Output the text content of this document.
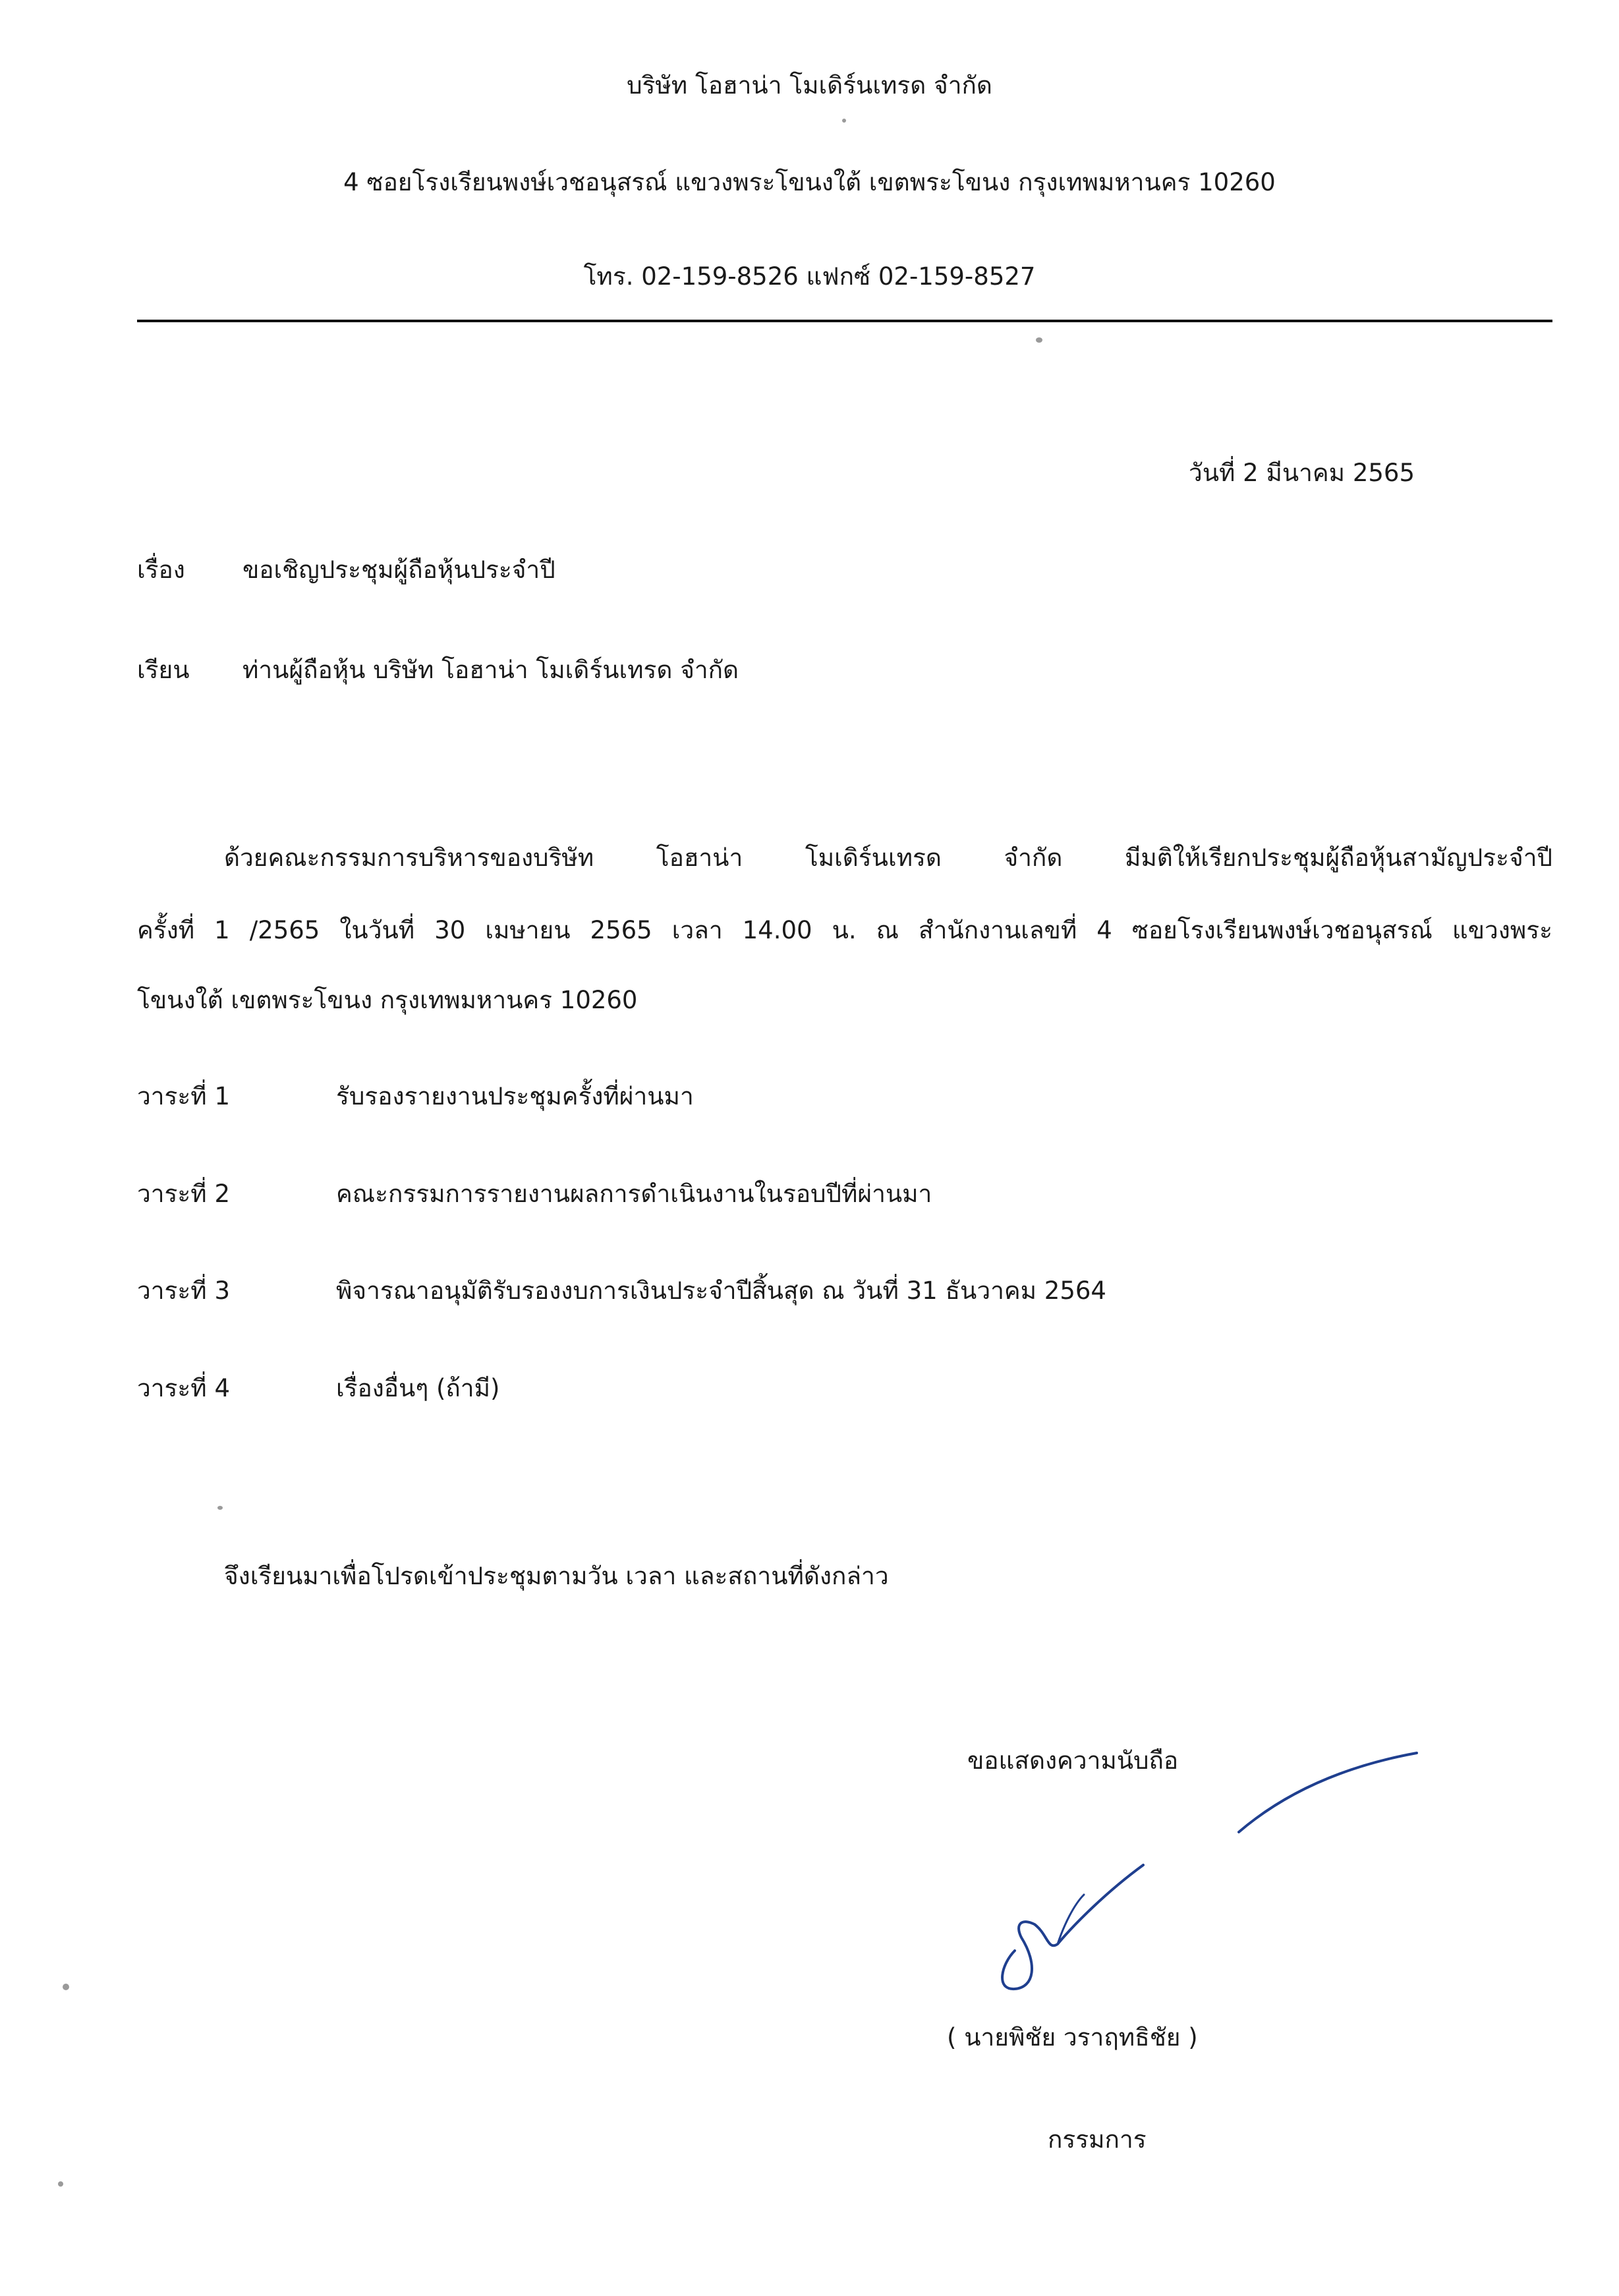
บริษัท โอฮาน่า โมเดิร์นเทรด จำกัด
4 ซอยโรงเรียนพงษ์เวชอนุสรณ์ แขวงพระโขนงใต้ เขตพระโขนง กรุงเทพมหานคร 10260
โทร. 02-159-8526 แฟกซ์ 02-159-8527
วันที่ 2 มีนาคม 2565
เรื่อง ขอเชิญประชุมผู้ถือหุ้นประจำปี
เรียน ท่านผู้ถือหุ้น บริษัท โอฮาน่า โมเดิร์นเทรด จำกัด
ด้วยคณะกรรมการบริหารของบริษัท โอฮาน่า โมเดิร์นเทรด จำกัด มีมติให้เรียกประชุมผู้ถือหุ้นสามัญประจำปี
ครั้งที่ 1 /2565 ในวันที่ 30 เมษายน 2565 เวลา 14.00 น. ณ สำนักงานเลขที่ 4 ซอยโรงเรียนพงษ์เวชอนุสรณ์ แขวงพระ
โขนงใต้ เขตพระโขนง กรุงเทพมหานคร 10260
วาระที่ 1	รับรองรายงานประชุมครั้งที่ผ่านมา
วาระที่ 2	คณะกรรมการรายงานผลการดำเนินงานในรอบปีที่ผ่านมา
วาระที่ 3	พิจารณาอนุมัติรับรองงบการเงินประจำปีสิ้นสุด ณ วันที่ 31 ธันวาคม 2564
วาระที่ 4	เรื่องอื่นๆ (ถ้ามี)
จึงเรียนมาเพื่อโปรดเข้าประชุมตามวัน เวลา และสถานที่ดังกล่าว
ขอแสดงความนับถือ
( นายพิชัย วราฤทธิชัย )
กรรมการ
